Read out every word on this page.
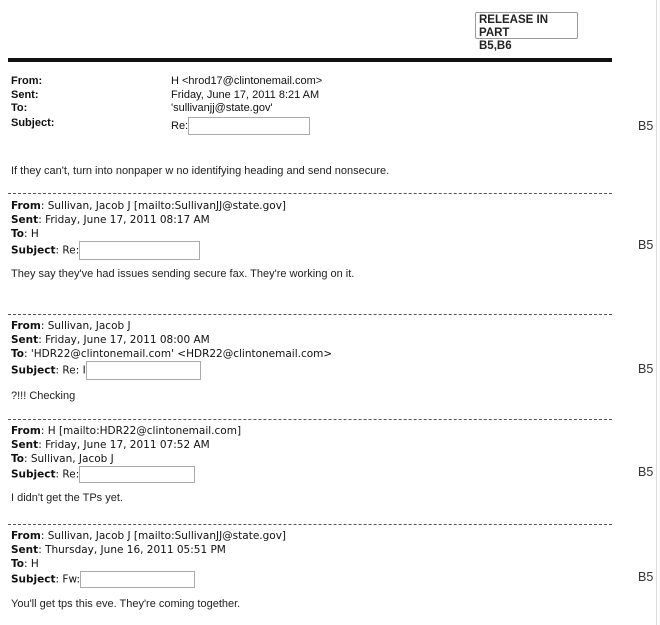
RELEASE IN PART
B5,B6
From:	H <hrod17@clintonemail.com>
Sent:	Friday, June 17, 2011 8:21 AM
To:	'sullivanjj@state.gov'
Subject:	Re:
If they can't, turn into nonpaper w no identifying heading and send nonsecure.
From: Sullivan, Jacob J [mailto:SullivanJJ@state.gov]
Sent: Friday, June 17, 2011 08:17 AM
To: H
Subject: Re:
They say they've had issues sending secure fax. They're working on it.
From: Sullivan, Jacob J
Sent: Friday, June 17, 2011 08:00 AM
To: 'HDR22@clintonemail.com' <HDR22@clintonemail.com>
Subject: Re: I
?!!! Checking
From: H [mailto:HDR22@clintonemail.com]
Sent: Friday, June 17, 2011 07:52 AM
To: Sullivan, Jacob J
Subject: Re:
I didn't get the TPs yet.
From: Sullivan, Jacob J [mailto:SullivanJJ@state.gov]
Sent: Thursday, June 16, 2011 05:51 PM
To: H
Subject: Fw:
You'll get tps this eve. They're coming together.
B5
B5
B5
B5
B5
